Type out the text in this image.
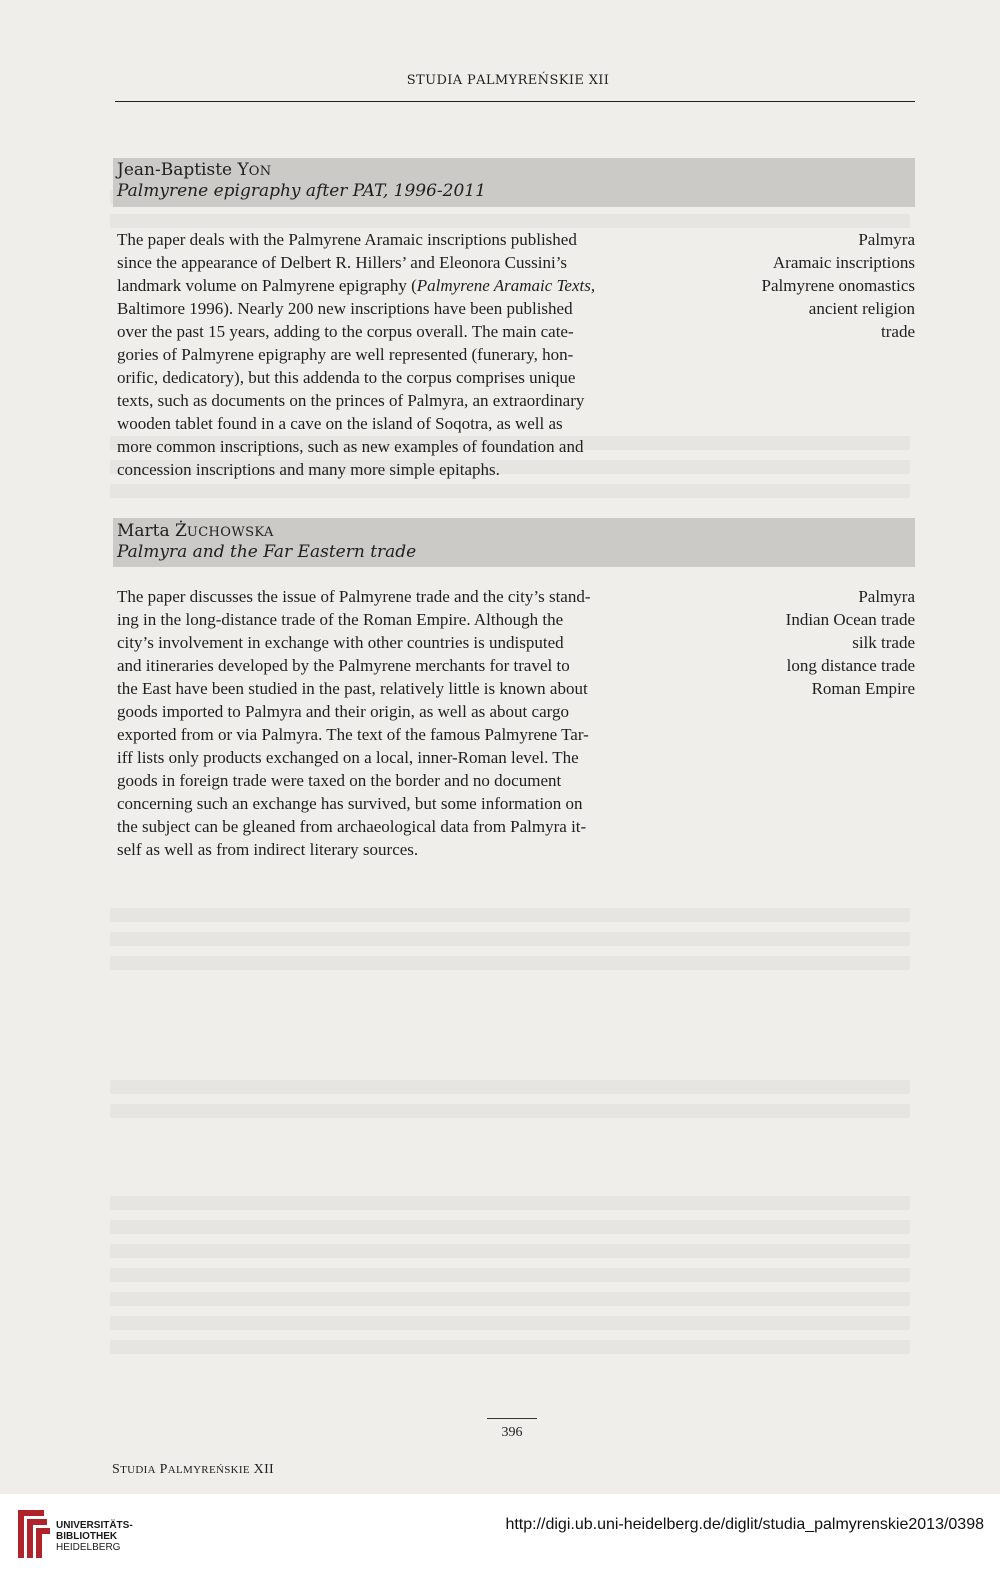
STUDIA PALMYREŃSKIE XII
Jean-Baptiste YON
Palmyrene epigraphy after PAT, 1996-2011
The paper deals with the Palmyrene Aramaic inscriptions published
since the appearance of Delbert R. Hillers’ and Eleonora Cussini’s
landmark volume on Palmyrene epigraphy (Palmyrene Aramaic Texts,
Baltimore 1996). Nearly 200 new inscriptions have been published
over the past 15 years, adding to the corpus overall. The main cate-
gories of Palmyrene epigraphy are well represented (funerary, hon-
orific, dedicatory), but this addenda to the corpus comprises unique
texts, such as documents on the princes of Palmyra, an extraordinary
wooden tablet found in a cave on the island of Soqotra, as well as
more common inscriptions, such as new examples of foundation and
concession inscriptions and many more simple epitaphs.
Palmyra
Aramaic inscriptions
Palmyrene onomastics
ancient religion
trade
Marta ŻUCHOWSKA
Palmyra and the Far Eastern trade
The paper discusses the issue of Palmyrene trade and the city’s stand-
ing in the long-distance trade of the Roman Empire. Although the
city’s involvement in exchange with other countries is undisputed
and itineraries developed by the Palmyrene merchants for travel to
the East have been studied in the past, relatively little is known about
goods imported to Palmyra and their origin, as well as about cargo
exported from or via Palmyra. The text of the famous Palmyrene Tar-
iff lists only products exchanged on a local, inner-Roman level. The
goods in foreign trade were taxed on the border and no document
concerning such an exchange has survived, but some information on
the subject can be gleaned from archaeological data from Palmyra it-
self as well as from indirect literary sources.
Palmyra
Indian Ocean trade
silk trade
long distance trade
Roman Empire
396
STUDIA PALMYREŃSKIE XII
UNIVERSITÄTS-
BIBLIOTHEK
HEIDELBERG
http://digi.ub.uni-heidelberg.de/diglit/studia_palmyrenskie2013/0398
